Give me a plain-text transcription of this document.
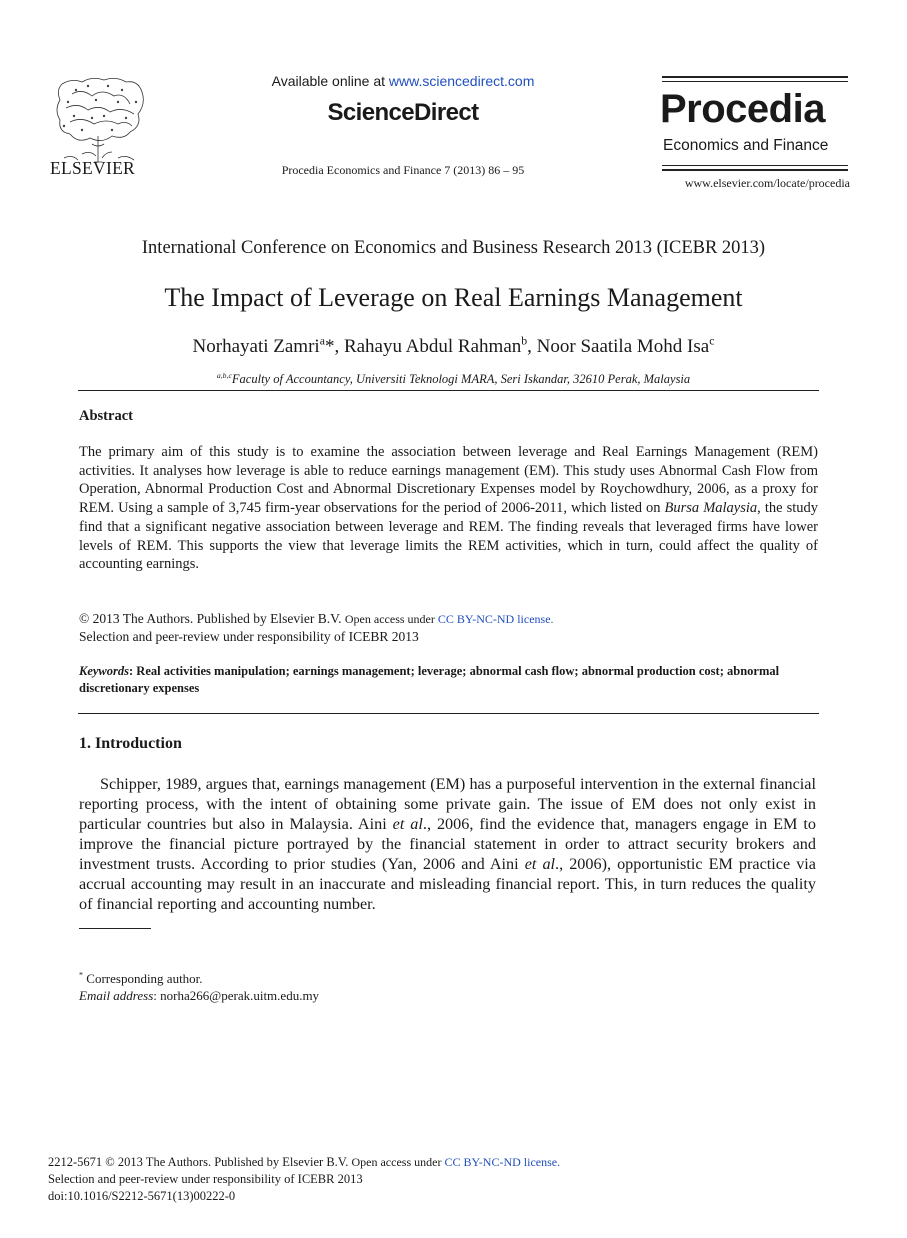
ELSEVIER
Available online at www.sciencedirect.com
ScienceDirect
Procedia Economics and Finance 7 (2013) 86 – 95
Procedia
Economics and Finance
www.elsevier.com/locate/procedia
International Conference on Economics and Business Research 2013 (ICEBR 2013)
The Impact of Leverage on Real Earnings Management
Norhayati Zamri$^a$*, Rahayu Abdul Rahman$^b$, Noor Saatila Mohd Isa$^c$
$^{a,b,c}$Faculty of Accountancy, Universiti Teknologi MARA, Seri Iskandar, 32610 Perak, Malaysia
Abstract
The primary aim of this study is to examine the association between leverage and Real Earnings Management (REM) activities. It analyses how leverage is able to reduce earnings management (EM). This study uses Abnormal Cash Flow from Operation, Abnormal Production Cost and Abnormal Discretionary Expenses model by Roychowdhury, 2006, as a proxy for REM. Using a sample of 3,745 firm-year observations for the period of 2006-2011, which listed on Bursa Malaysia, the study find that a significant negative association between leverage and REM. The finding reveals that leveraged firms have lower levels of REM. This supports the view that leverage limits the REM activities, which in turn, could affect the quality of accounting earnings.
© 2013 The Authors. Published by Elsevier B.V. Open access under CC BY-NC-ND license.
Selection and peer-review under responsibility of ICEBR 2013
Keywords: Real activities manipulation; earnings management; leverage; abnormal cash flow; abnormal production cost; abnormal discretionary expenses
1. Introduction
Schipper, 1989, argues that, earnings management (EM) has a purposeful intervention in the external financial reporting process, with the intent of obtaining some private gain. The issue of EM does not only exist in particular countries but also in Malaysia. Aini et al., 2006, find the evidence that, managers engage in EM to improve the financial picture portrayed by the financial statement in order to attract security brokers and investment trusts. According to prior studies (Yan, 2006 and Aini et al., 2006), opportunistic EM practice via accrual accounting may result in an inaccurate and misleading financial report. This, in turn reduces the quality of financial reporting and accounting number.
* Corresponding author.
Email address: norha266@perak.uitm.edu.my
2212-5671 © 2013 The Authors. Published by Elsevier B.V. Open access under CC BY-NC-ND license.
Selection and peer-review under responsibility of ICEBR 2013
doi:10.1016/S2212-5671(13)00222-0
